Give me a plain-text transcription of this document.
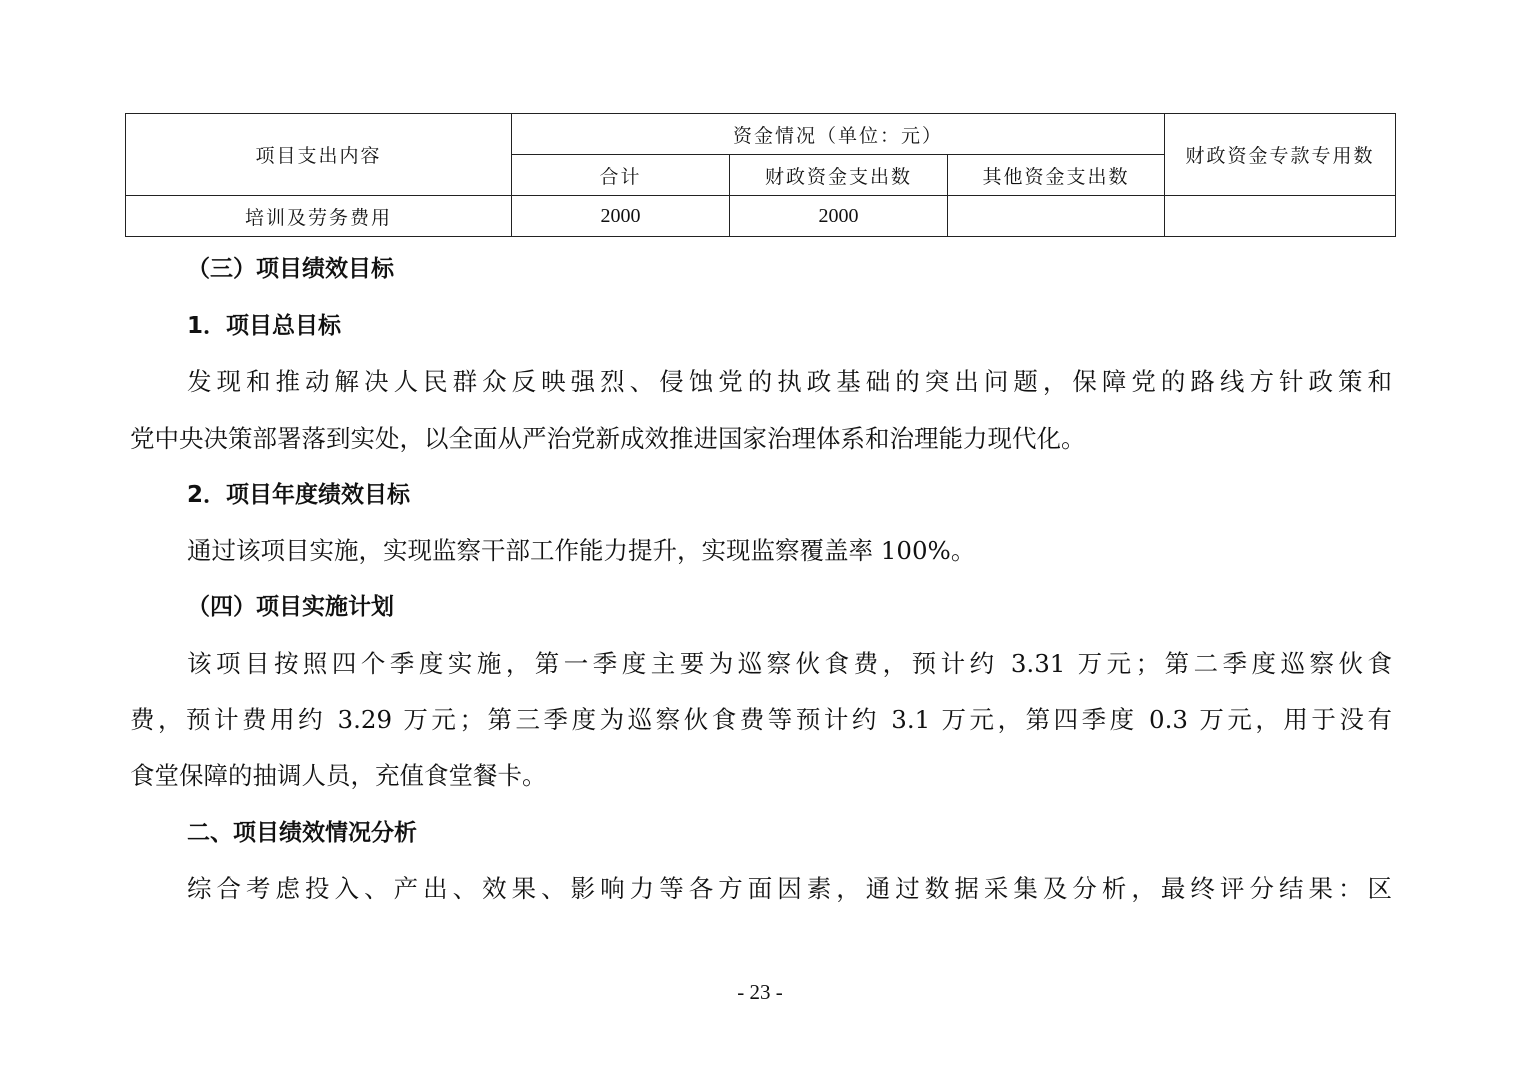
项目支出内容	资金情况（单位：元）			财政资金专款专用数
	合计	财政资金支出数	其他资金支出数	
培训及劳务费用	2000	2000		

（三）项目绩效目标

1．项目总目标

发现和推动解决人民群众反映强烈、侵蚀党的执政基础的突出问题，保障党的路线方针政策和

党中央决策部署落到实处，以全面从严治党新成效推进国家治理体系和治理能力现代化。

2．项目年度绩效目标

通过该项目实施，实现监察干部工作能力提升，实现监察覆盖率 100%。

（四）项目实施计划

该项目按照四个季度实施，第一季度主要为巡察伙食费，预计约 3.31 万元；第二季度巡察伙食

费，预计费用约 3.29 万元；第三季度为巡察伙食费等预计约 3.1 万元，第四季度 0.3 万元，用于没有

食堂保障的抽调人员，充值食堂餐卡。

二、项目绩效情况分析

综合考虑投入、产出、效果、影响力等各方面因素，通过数据采集及分析，最终评分结果：区

- 23 -
